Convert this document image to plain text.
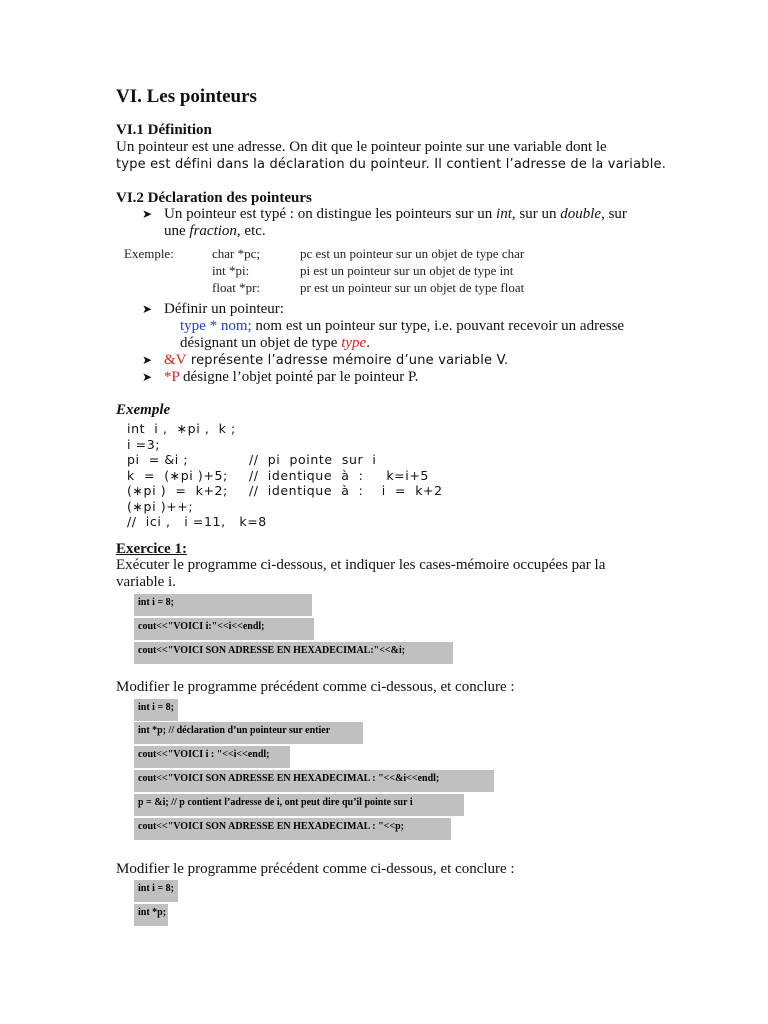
VI. Les pointeurs
VI.1 Définition
Un pointeur est une adresse. On dit que le pointeur pointe sur une variable dont le
type est défini dans la déclaration du pointeur. Il contient l’adresse de la variable.
VI.2 Déclaration des pointeurs
➤ Un pointeur est typé : on distingue les pointeurs sur un int, sur un double, sur
une fraction, etc.
Exemple:	char *pc;	pc est un pointeur sur un objet de type char
int *pi:	pi est un pointeur sur un objet de type int
float *pr:	pr est un pointeur sur un objet de type float
➤ Définir un pointeur:
type * nom; nom est un pointeur sur type, i.e. pouvant recevoir un adresse
désignant un objet de type type.
➤ &V représente l’adresse mémoire d’une variable V.
➤ *P désigne l’objet pointé par le pointeur P.
Exemple
int  i ,  ∗pi ,  k ;
i =3;
pi  = &i ;	//  pi  pointe  sur  i
k  =  (∗pi )+5; //  identique  à  :     k=i+5
(∗pi )  =  k+2; //  identique  à  :    i  =  k+2
(∗pi )++;
//  ici ,   i =11,   k=8
Exercice 1:
Exécuter le programme ci-dessous, et indiquer les cases-mémoire occupées par la
variable i.
int i = 8;
cout<<"VOICI i:"<<i<<endl;
cout<<"VOICI SON ADRESSE EN HEXADECIMAL:"<<&i;
Modifier le programme précédent comme ci-dessous, et conclure :
int i = 8;
int *p; // déclaration d’un pointeur sur entier
cout<<"VOICI i : "<<i<<endl;
cout<<"VOICI SON ADRESSE EN HEXADECIMAL : "<<&i<<endl;
p = &i; // p contient l’adresse de i, ont peut dire qu’il pointe sur i
cout<<"VOICI SON ADRESSE EN HEXADECIMAL : "<<p;
Modifier le programme précédent comme ci-dessous, et conclure :
int i = 8;
int *p;
